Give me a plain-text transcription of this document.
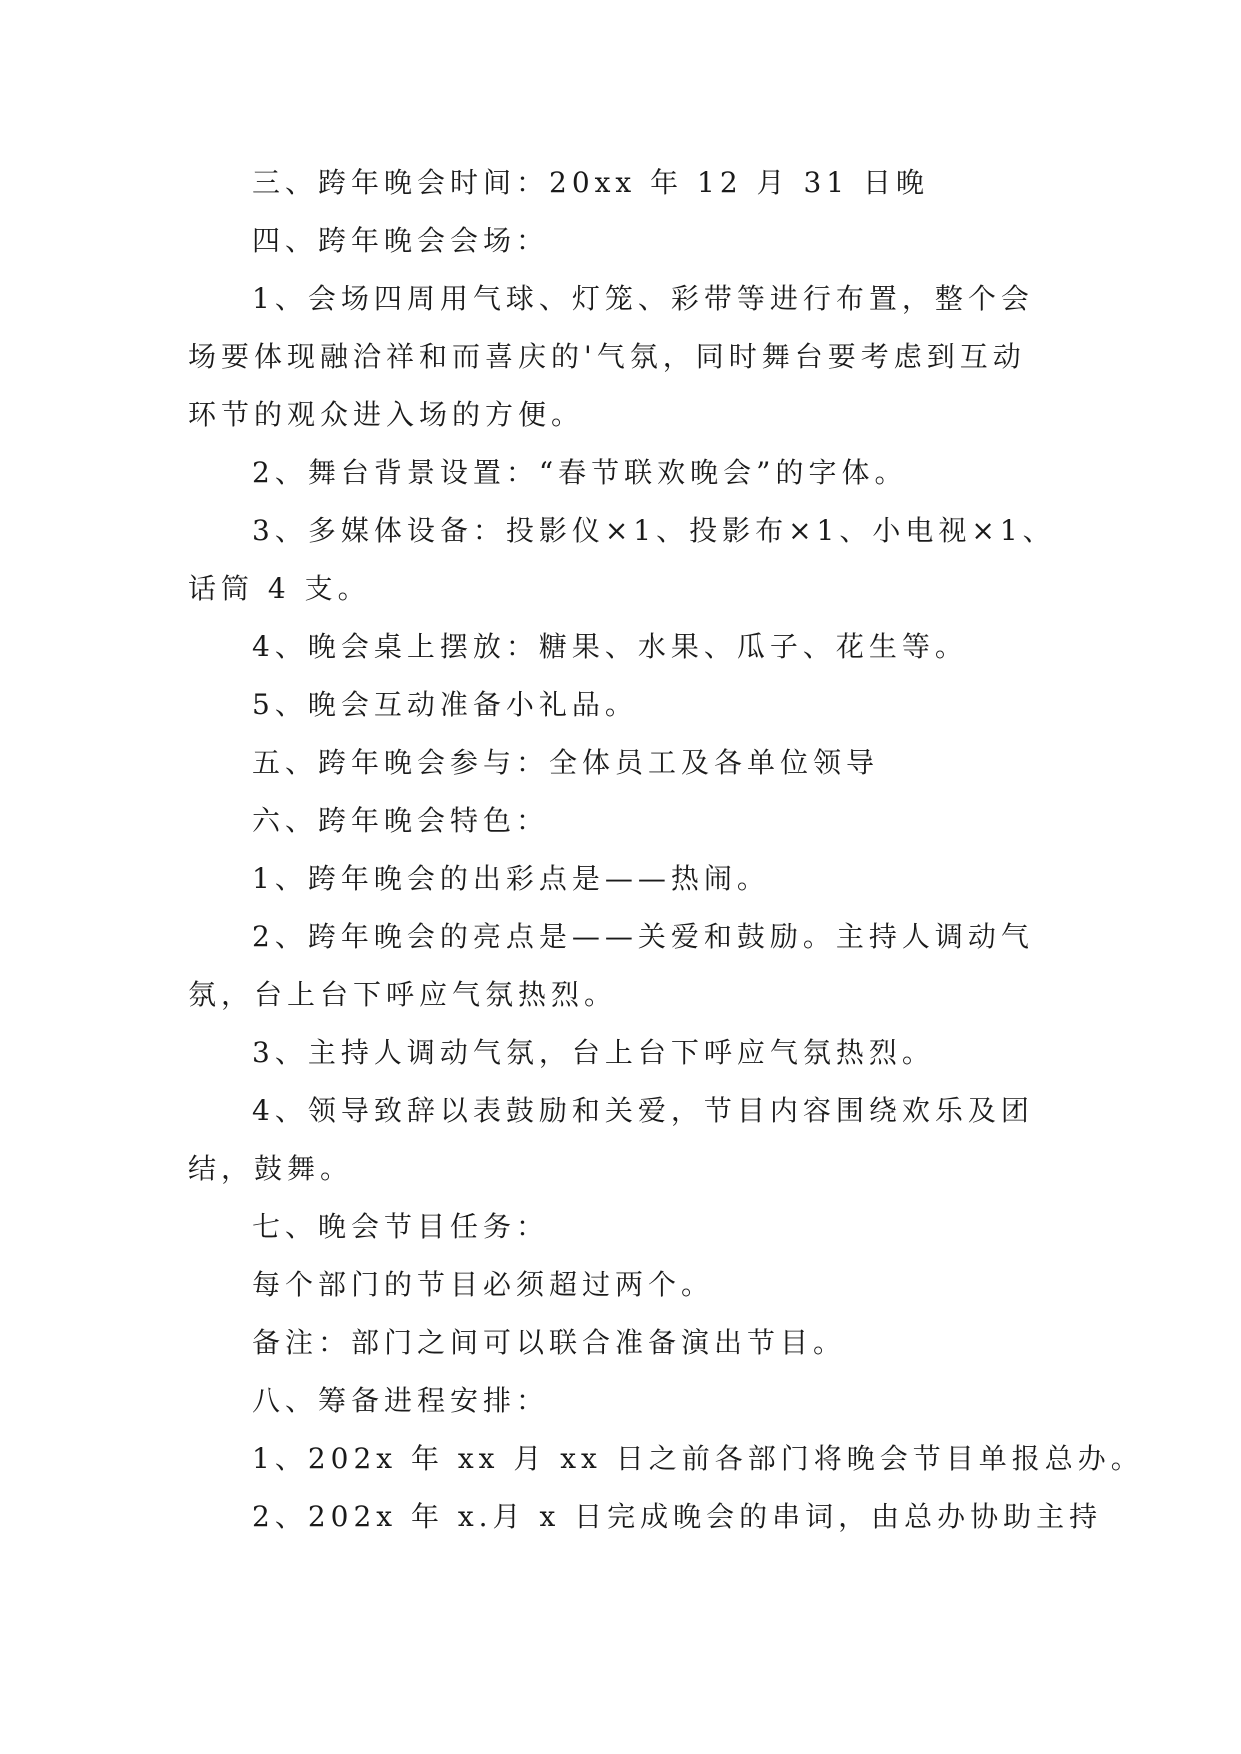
三、跨年晚会时间：20xx 年 12 月 31 日晚

四、跨年晚会会场：

1、会场四周用气球、灯笼、彩带等进行布置，整个会

场要体现融洽祥和而喜庆的'气氛，同时舞台要考虑到互动

环节的观众进入场的方便。

2、舞台背景设置：“春节联欢晚会”的字体。

3、多媒体设备：投影仪×1、投影布×1、小电视×1、

话筒 4 支。

4、晚会桌上摆放：糖果、水果、瓜子、花生等。

5、晚会互动准备小礼品。

五、跨年晚会参与：全体员工及各单位领导

六、跨年晚会特色：

1、跨年晚会的出彩点是——热闹。

2、跨年晚会的亮点是——关爱和鼓励。主持人调动气

氛，台上台下呼应气氛热烈。

3、主持人调动气氛，台上台下呼应气氛热烈。

4、领导致辞以表鼓励和关爱，节目内容围绕欢乐及团

结，鼓舞。

七、晚会节目任务：

每个部门的节目必须超过两个。

备注：部门之间可以联合准备演出节目。

八、筹备进程安排：

1、202x 年 xx 月 xx 日之前各部门将晚会节目单报总办。

2、202x 年 x.月 x 日完成晚会的串词，由总办协助主持
